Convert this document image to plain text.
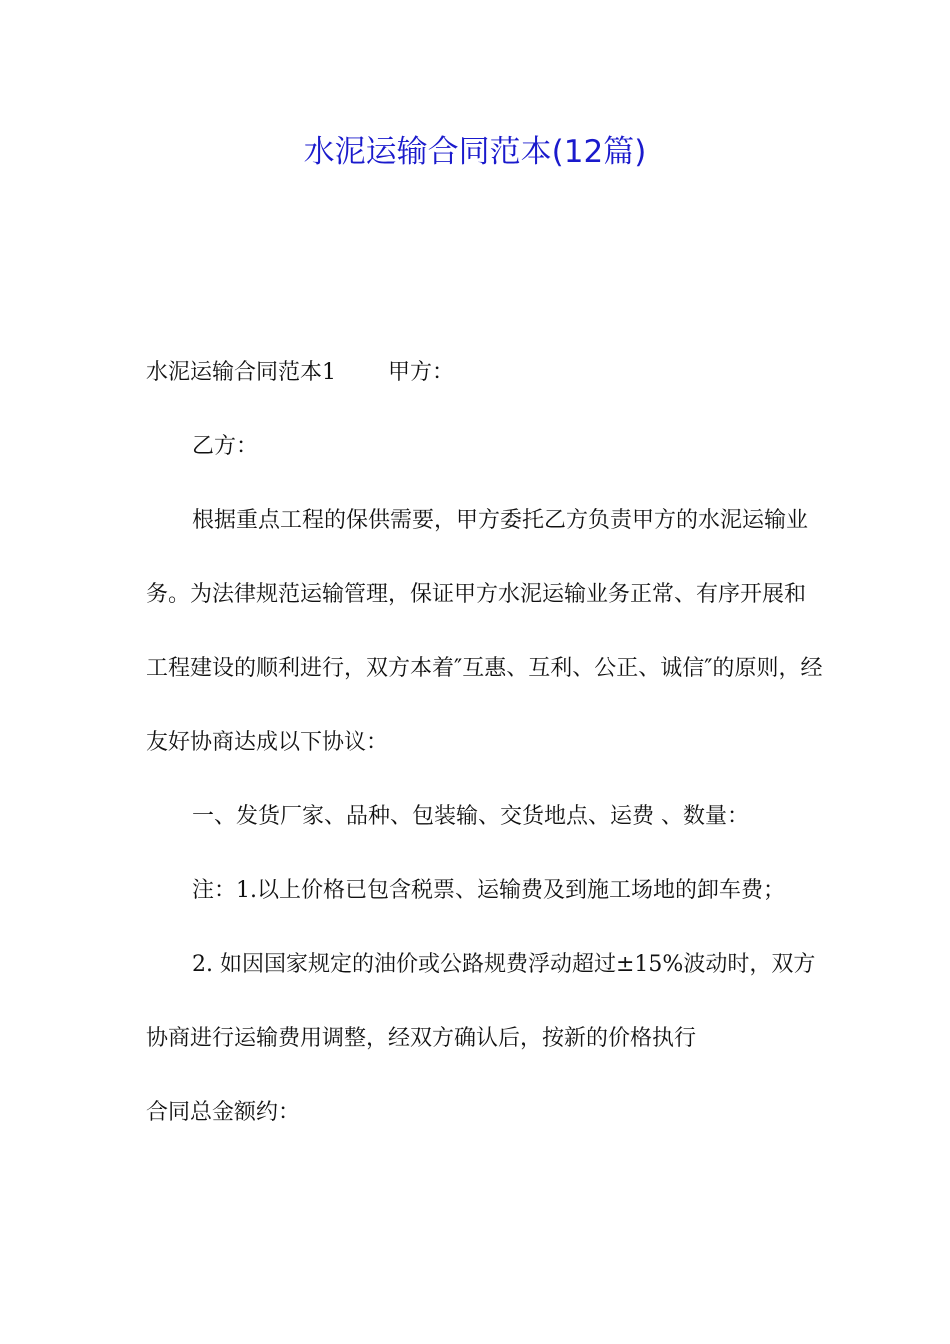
水泥运输合同范本(12篇)

水泥运输合同范本1 甲方：

乙方：

根据重点工程的保供需要，甲方委托乙方负责甲方的水泥运输业务。为法律规范运输管理，保证甲方水泥运输业务正常、有序开展和工程建设的顺利进行，双方本着″互惠、互利、公正、诚信″的原则，经友好协商达成以下协议：

一、发货厂家、品种、包装输、交货地点、运费 、数量：

注：1.以上价格已包含税票、运输费及到施工场地的卸车费；

2. 如因国家规定的油价或公路规费浮动超过±15%波动时，双方协商进行运输费用调整，经双方确认后，按新的价格执行

合同总金额约：
